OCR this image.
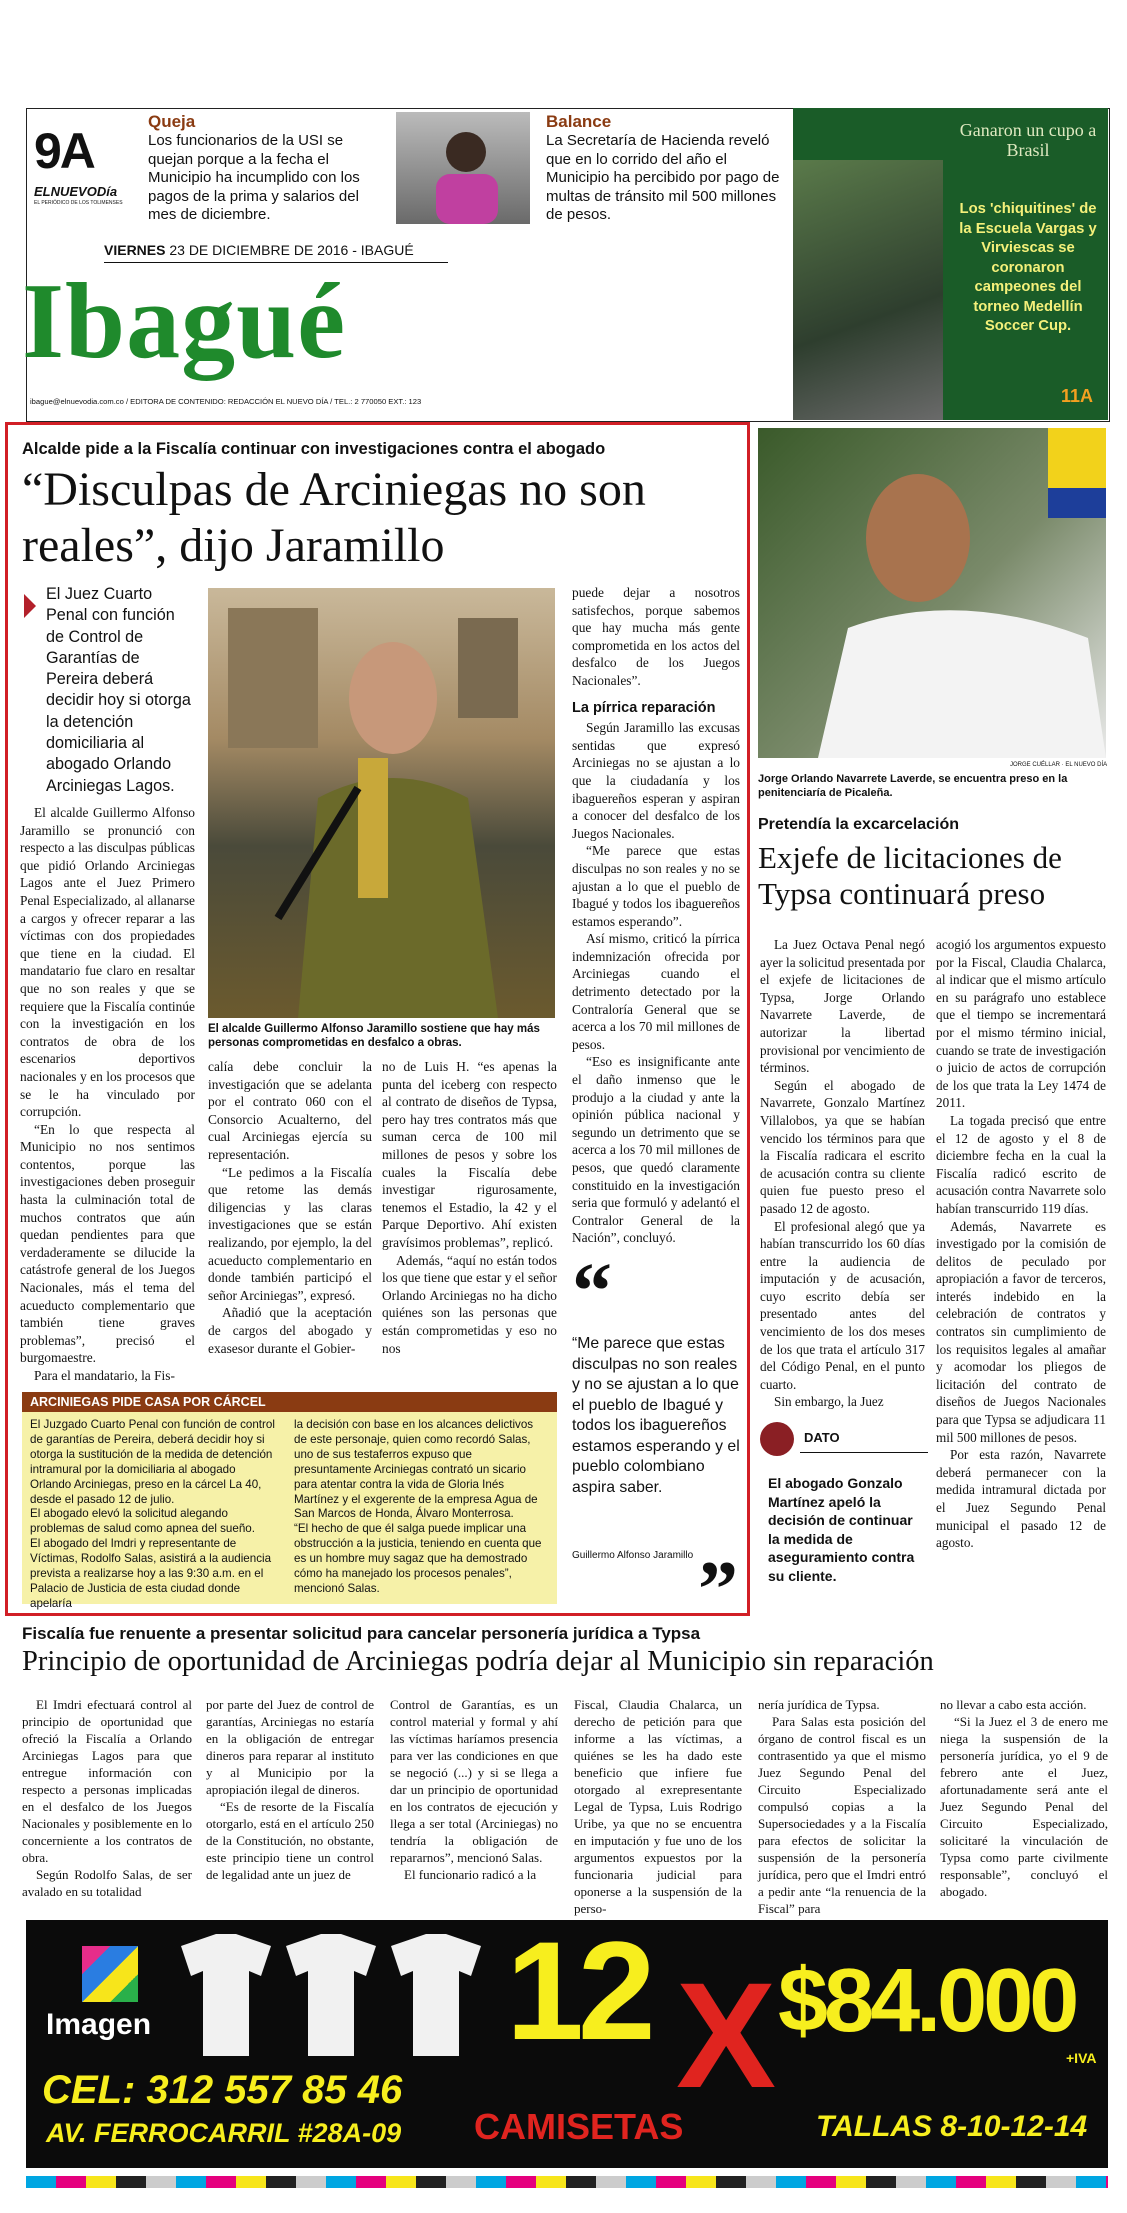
9A
ELNUEVODía
EL PERIÓDICO DE LOS TOLIMENSES
Queja
Los funcionarios de la USI se quejan porque a la fecha el Municipio ha incumplido con los pagos de la prima y salarios del mes de diciembre.
Balance
La Secretaría de Hacienda reveló que en lo corrido del año el Municipio ha percibido por pago de multas de tránsito mil 500 millones de pesos.
VIERNES 23 DE DICIEMBRE DE 2016 - IBAGUÉ
Ibagué
ibague@elnuevodia.com.co / EDITORA DE CONTENIDO: REDACCIÓN EL NUEVO DÍA / TEL.: 2 770050 EXT.: 123
Ganaron un cupo a Brasil
Los 'chiquitines' de la Escuela Vargas y Virviescas se coronaron campeones del torneo Medellín Soccer Cup.
11A
Alcalde pide a la Fiscalía continuar con investigaciones contra el abogado
“Disculpas de Arciniegas no son reales”, dijo Jaramillo
El Juez Cuarto Penal con función de Control de Garantías de Pereira deberá decidir hoy si otorga la detención domiciliaria al abogado Orlando Arciniegas Lagos.
El alcalde Guillermo Alfonso Jaramillo sostiene que hay más personas comprometidas en desfalco a obras.

El alcalde Guillermo Alfonso Jaramillo se pronunció con respecto a las disculpas públicas que pidió Orlando Arciniegas Lagos ante el Juez Primero Penal Especializado, al allanarse a cargos y ofrecer reparar a las víctimas con dos propiedades que tiene en la ciudad. El mandatario fue claro en resaltar que no son reales y que se requiere que la Fiscalía continúe con la investigación en los contratos de obra de los escenarios deportivos nacionales y en los procesos que se le ha vinculado por corrupción.

“En lo que respecta al Municipio no nos sentimos contentos, porque las investigaciones deben proseguir hasta la culminación total de muchos contratos que aún quedan pendientes para que verdaderamente se dilucide la catástrofe general de los Juegos Nacionales, más el tema del acueducto complementario que también tiene graves problemas”, precisó el burgomaestre.

Para el mandatario, la Fis-

calía debe concluir la investigación que se adelanta por el contrato 060 con el Consorcio Acualterno, del cual Arciniegas ejercía su representación.

“Le pedimos a la Fiscalía que retome las demás diligencias y las claras investigaciones que se están realizando, por ejemplo, la del acueducto complementario en donde también participó el señor Arciniegas”, expresó.

Añadió que la aceptación de cargos del abogado y exasesor durante el Gobier-

no de Luis H. “es apenas la punta del iceberg con respecto al contrato de diseños de Typsa, pero hay tres contratos más que suman cerca de 100 mil millones de pesos y sobre los cuales la Fiscalía debe investigar rigurosamente, tenemos el Estadio, la 42 y el Parque Deportivo. Ahí existen gravísimos problemas”, replicó.

Además, “aquí no están todos los que tiene que estar y el señor Orlando Arciniegas no ha dicho quiénes son las personas que están comprometidas y eso no nos

puede dejar a nosotros satisfechos, porque sabemos que hay mucha más gente comprometida en los actos del desfalco de los Juegos Nacionales”.

La pírrica reparación

Según Jaramillo las excusas sentidas que expresó Arciniegas no se ajustan a lo que la ciudadanía y los ibaguereños esperan y aspiran a conocer del desfalco de los Juegos Nacionales.

“Me parece que estas disculpas no son reales y no se ajustan a lo que el pueblo de Ibagué y todos los ibaguereños estamos esperando”.

Así mismo, criticó la pírrica indemnización ofrecida por Arciniegas cuando el detrimento detectado por la Contraloría General que se acerca a los 70 mil millones de pesos.

“Eso es insignificante ante el daño inmenso que le produjo a la ciudad y ante la opinión pública nacional y segundo un detrimento que se acerca a los 70 mil millones de pesos, que quedó claramente constituido en la investigación seria que formuló y adelantó el Contralor General de la Nación”, concluyó.

“
“Me parece que estas disculpas no son reales y no se ajustan a lo que el pueblo de Ibagué y todos los ibaguereños estamos esperando y el pueblo colombiano aspira saber.
Guillermo Alfonso Jaramillo ”
ARCINIEGAS PIDE CASA POR CÁRCEL
El Juzgado Cuarto Penal con función de control de garantías de Pereira, deberá decidir hoy si otorga la sustitución de la medida de detención intramural por la domiciliaria al abogado Orlando Arciniegas, preso en la cárcel La 40, desde el pasado 12 de julio.
El abogado elevó la solicitud alegando problemas de salud como apnea del sueño.
El abogado del Imdri y representante de Víctimas, Rodolfo Salas, asistirá a la audiencia prevista a realizarse hoy a las 9:30 a.m. en el Palacio de Justicia de esta ciudad donde apelaría
la decisión con base en los alcances delictivos de este personaje, quien como recordó Salas, uno de sus testaferros expuso que presuntamente Arciniegas contrató un sicario para atentar contra la vida de Gloria Inés Martínez y el exgerente de la empresa Agua de San Marcos de Honda, Álvaro Monterrosa.
“El hecho de que él salga puede implicar una obstrucción a la justicia, teniendo en cuenta que es un hombre muy sagaz que ha demostrado cómo ha manejado los procesos penales”, mencionó Salas.
JORGE CUÉLLAR · EL NUEVO DÍA
Jorge Orlando Navarrete Laverde, se encuentra preso en la penitenciaría de Picaleña.
Pretendía la excarcelación
Exjefe de licitaciones de Typsa continuará preso

La Juez Octava Penal negó ayer la solicitud presentada por el exjefe de licitaciones de Typsa, Jorge Orlando Navarrete Laverde, de autorizar la libertad provisional por vencimiento de términos.

Según el abogado de Navarrete, Gonzalo Martínez Villalobos, ya que se habían vencido los términos para que la Fiscalía radicara el escrito de acusación contra su cliente quien fue puesto preso el pasado 12 de agosto.

El profesional alegó que ya habían transcurrido los 60 días entre la audiencia de imputación y de acusación, cuyo escrito debía ser presentado antes del vencimiento de los dos meses de los que trata el artículo 317 del Código Penal, en el punto cuarto.

Sin embargo, la Juez

acogió los argumentos expuesto por la Fiscal, Claudia Chalarca, al indicar que el mismo artículo en su parágrafo uno establece que el tiempo se incrementará por el mismo término inicial, cuando se trate de investigación o juicio de actos de corrupción de los que trata la Ley 1474 de 2011.

La togada precisó que entre el 12 de agosto y el 8 de diciembre fecha en la cual la Fiscalía radicó escrito de acusación contra Navarrete solo habían transcurrido 119 días.

Además, Navarrete es investigado por la comisión de delitos de peculado por apropiación a favor de terceros, interés indebido en la celebración de contratos y contratos sin cumplimiento de los requisitos legales al amañar y acomodar los pliegos de licitación del contrato de diseños de Juegos Nacionales para que Typsa se adjudicara 11 mil 500 millones de pesos.

Por esta razón, Navarrete deberá permanecer con la medida intramural dictada por el Juez Segundo Penal municipal el pasado 12 de agosto.

DATO
El abogado Gonzalo Martínez apeló la decisión de continuar la medida de aseguramiento contra su cliente.
Fiscalía fue renuente a presentar solicitud para cancelar personería jurídica a Typsa
Principio de oportunidad de Arciniegas podría dejar al Municipio sin reparación

El Imdri efectuará control al principio de oportunidad que ofreció la Fiscalía a Orlando Arciniegas Lagos para que entregue información con respecto a personas implicadas en el desfalco de los Juegos Nacionales y posiblemente en lo concerniente a los contratos de obra.

Según Rodolfo Salas, de ser avalado en su totalidad

por parte del Juez de control de garantías, Arciniegas no estaría en la obligación de entregar dineros para reparar al instituto y al Municipio por la apropiación ilegal de dineros.

“Es de resorte de la Fiscalía otorgarlo, está en el artículo 250 de la Constitución, no obstante, este principio tiene un control de legalidad ante un juez de

Control de Garantías, es un control material y formal y ahí las víctimas haríamos presencia para ver las condiciones en que se negoció (...) y si se llega a dar un principio de oportunidad en los contratos de ejecución y llega a ser total (Arciniegas) no tendría la obligación de repararnos”, mencionó Salas.

El funcionario radicó a la

Fiscal, Claudia Chalarca, un derecho de petición para que informe a las víctimas, a quiénes se les ha dado este beneficio que infiere fue otorgado al exrepresentante Legal de Typsa, Luis Rodrigo Uribe, ya que no se encuentra en imputación y fue uno de los argumentos expuestos por la funcionaria judicial para oponerse a la suspensión de la perso-

nería jurídica de Typsa.

Para Salas esta posición del órgano de control fiscal es un contrasentido ya que el mismo Juez Segundo Penal del Circuito Especializado compulsó copias a la Supersociedades y a la Fiscalía para efectos de solicitar la suspensión de la personería jurídica, pero que el Imdri entró a pedir ante “la renuencia de la Fiscal” para

no llevar a cabo esta acción.

“Si la Juez el 3 de enero me niega la suspensión de la personería jurídica, yo el 9 de febrero ante el Juez, afortunadamente será ante el Juez Segundo Penal del Circuito Especializado, solicitaré la vinculación de Typsa como parte civilmente responsable”, concluyó el abogado.

Imagen
CEL: 312 557 85 46
AV. FERROCARRIL #28A-09
12
CAMISETAS
X $84.000
+IVA
TALLAS 8-10-12-14
